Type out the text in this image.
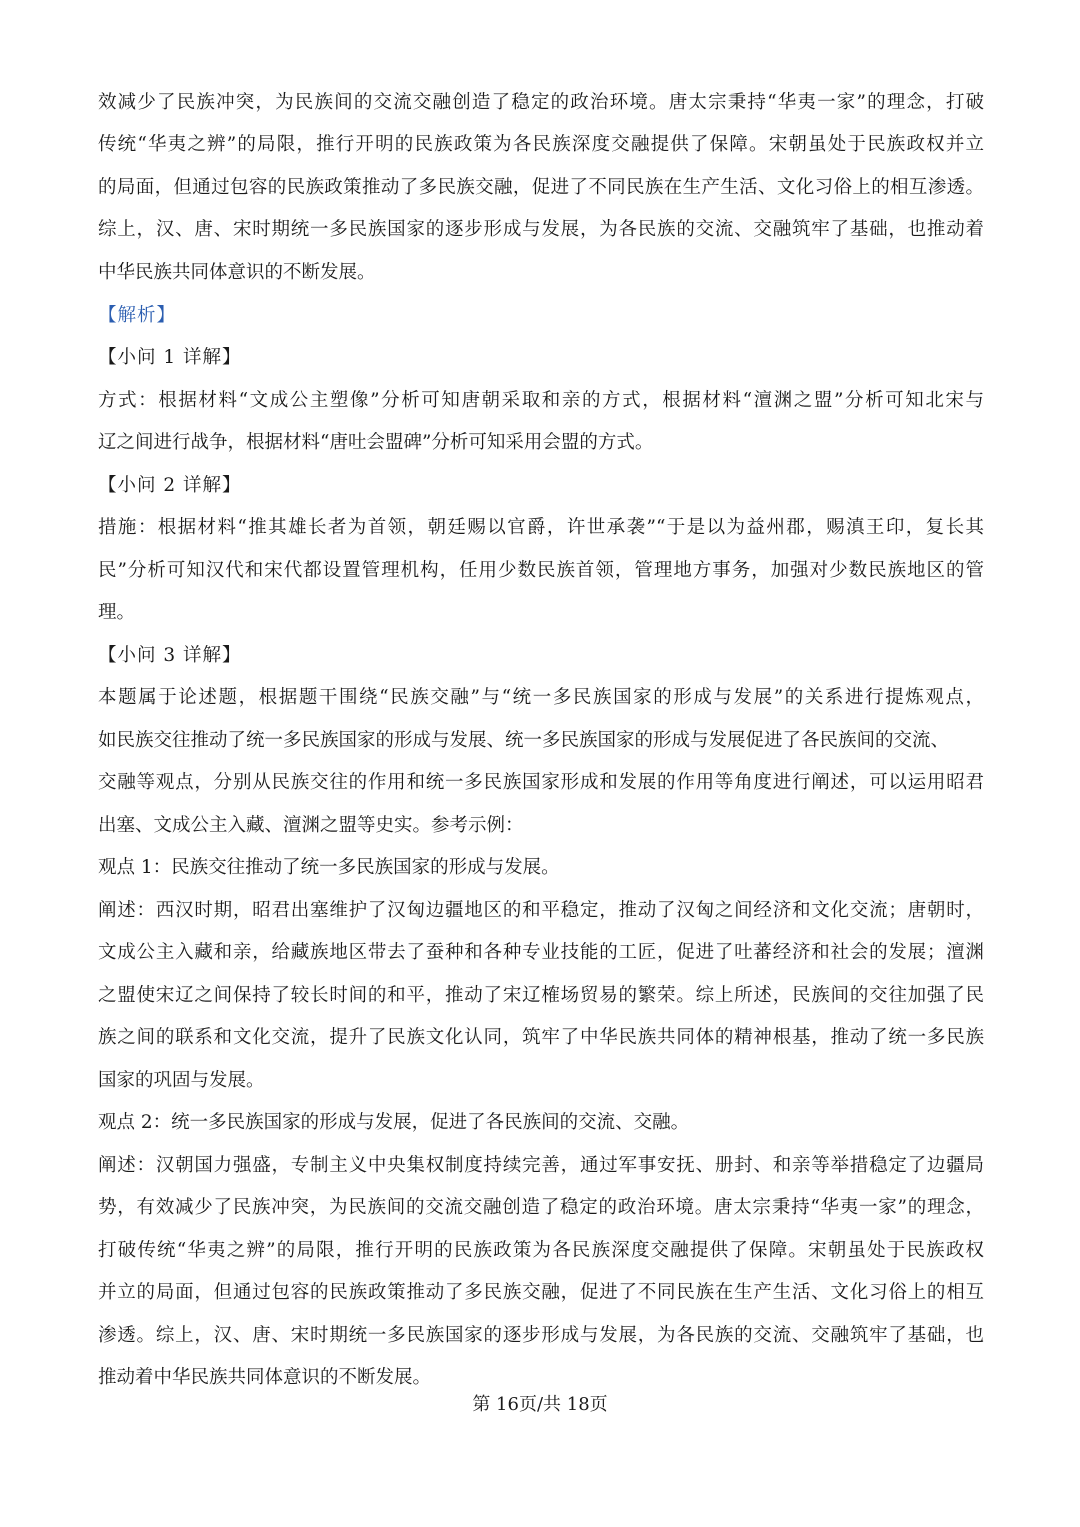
效减少了民族冲突，为民族间的交流交融创造了稳定的政治环境。唐太宗秉持“华夷一家”的理念，打破
传统“华夷之辨”的局限，推行开明的民族政策为各民族深度交融提供了保障。宋朝虽处于民族政权并立
的局面，但通过包容的民族政策推动了多民族交融，促进了不同民族在生产生活、文化习俗上的相互渗透。
综上，汉、唐、宋时期统一多民族国家的逐步形成与发展，为各民族的交流、交融筑牢了基础，也推动着
中华民族共同体意识的不断发展。
【解析】
【小问 1 详解】
方式：根据材料“文成公主塑像”分析可知唐朝采取和亲的方式，根据材料“澶渊之盟”分析可知北宋与
辽之间进行战争，根据材料“唐吐会盟碑”分析可知采用会盟的方式。
【小问 2 详解】
措施：根据材料“推其雄长者为首领，朝廷赐以官爵，许世承袭”“于是以为益州郡，赐滇王印，复长其
民”分析可知汉代和宋代都设置管理机构，任用少数民族首领，管理地方事务，加强对少数民族地区的管
理。
【小问 3 详解】
本题属于论述题，根据题干围绕“民族交融”与“统一多民族国家的形成与发展”的关系进行提炼观点，
如民族交往推动了统一多民族国家的形成与发展、统一多民族国家的形成与发展促进了各民族间的交流、
交融等观点，分别从民族交往的作用和统一多民族国家形成和发展的作用等角度进行阐述，可以运用昭君
出塞、文成公主入藏、澶渊之盟等史实。参考示例：
观点 1：民族交往推动了统一多民族国家的形成与发展。
阐述：西汉时期，昭君出塞维护了汉匈边疆地区的和平稳定，推动了汉匈之间经济和文化交流；唐朝时，
文成公主入藏和亲，给藏族地区带去了蚕种和各种专业技能的工匠，促进了吐蕃经济和社会的发展；澶渊
之盟使宋辽之间保持了较长时间的和平，推动了宋辽榷场贸易的繁荣。综上所述，民族间的交往加强了民
族之间的联系和文化交流，提升了民族文化认同，筑牢了中华民族共同体的精神根基，推动了统一多民族
国家的巩固与发展。
观点 2：统一多民族国家的形成与发展，促进了各民族间的交流、交融。
阐述：汉朝国力强盛，专制主义中央集权制度持续完善，通过军事安抚、册封、和亲等举措稳定了边疆局
势，有效减少了民族冲突，为民族间的交流交融创造了稳定的政治环境。唐太宗秉持“华夷一家”的理念，
打破传统“华夷之辨”的局限，推行开明的民族政策为各民族深度交融提供了保障。宋朝虽处于民族政权
并立的局面，但通过包容的民族政策推动了多民族交融，促进了不同民族在生产生活、文化习俗上的相互
渗透。综上，汉、唐、宋时期统一多民族国家的逐步形成与发展，为各民族的交流、交融筑牢了基础，也
推动着中华民族共同体意识的不断发展。
第 16页/共 18页
